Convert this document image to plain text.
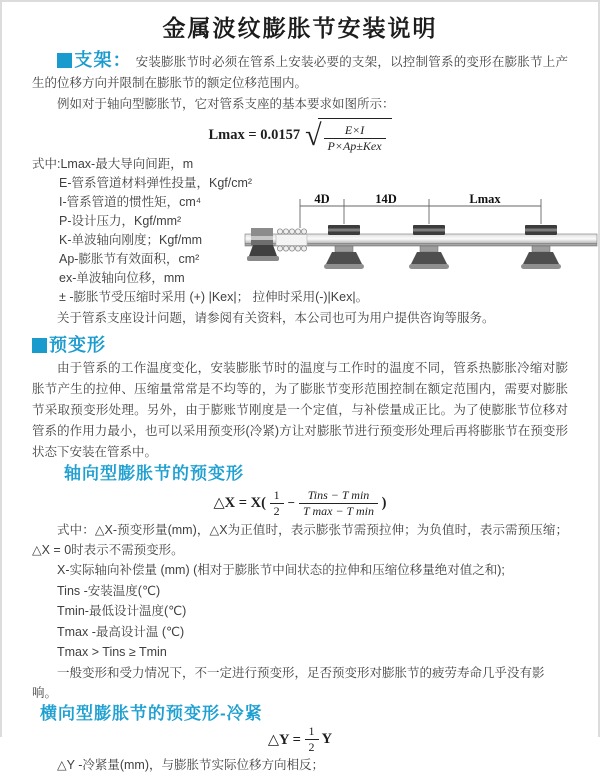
金属波纹膨胀节安装说明

支架： 安装膨胀节时必须在管系上安装必要的支架，以控制管系的变形在膨胀节上产生的位移方向并限制在膨胀节的额定位移范围内。

例如对于轴向型膨胀节，它对管系支座的基本要求如图所示：

Lmax = 0.0157 √ $\frac{E\times I}{\text{P×Ap±Kex}}$
式中:Lmax-最大导向间距，m
E-管系管道材料弹性投量，Kgf/cm²
I-管系管道的惯性矩，cm⁴
P-设计压力，Kgf/mm²
K-单波轴向刚度；Kgf/mm
Ap-膨胀节有效面积，cm²
ex-单波轴向位移，mm
± -膨胀节受压缩时采用 (+) |Kex|； 拉伸时采用(-)|Kex|。
关于管系支座设计问题，请参阅有关资料，本公司也可为用户提供咨询等服务。
4D	14D	Lmax
预变形

由于管系的工作温度变化，安装膨胀节时的温度与工作时的温度不同，管系热膨胀冷缩对膨胀节产生的拉伸、压缩量常常是不均等的，为了膨胀节变形范围控制在额定范围内，需要对膨胀节采取预变形处理。另外，由于膨账节刚度是一个定值，与补偿量成正比。为了使膨胀节位移对管系的作用力最小，也可以采用预变形(冷紧)方让对膨胀节进行预变形处理后再将膨胀节在预变形状态下安装在管系中。

轴向型膨胀节的预变形
△X = $X( \frac{1}{2} - \frac{\text{Tins − T min}}{\text{T max − T min}}$ )

式中：△X-预变形量(mm)，△X为正值时，表示膨张节需预拉伸；为负值时，表示需预压缩；△X = 0时表示不需预变形。

X-实际轴向补偿量 (mm) (相对于膨胀节中间状态的拉伸和压缩位移量绝对值之和);
Tins -安装温度(℃)
Tmin-最低设计温度(℃)
Tmax -最高设计温 (℃)
Tmax > Tins ≥ Tmin
一般变形和受力情况下，不一定进行预变形，足否预变形对膨胀节的疲劳寿命几乎没有影响。
横向型膨胀节的预变形-冷紧
△Y = $\frac{1}{2}$ Y
△Y -冷紧量(mm)，与膨胀节实际位移方向相反；
